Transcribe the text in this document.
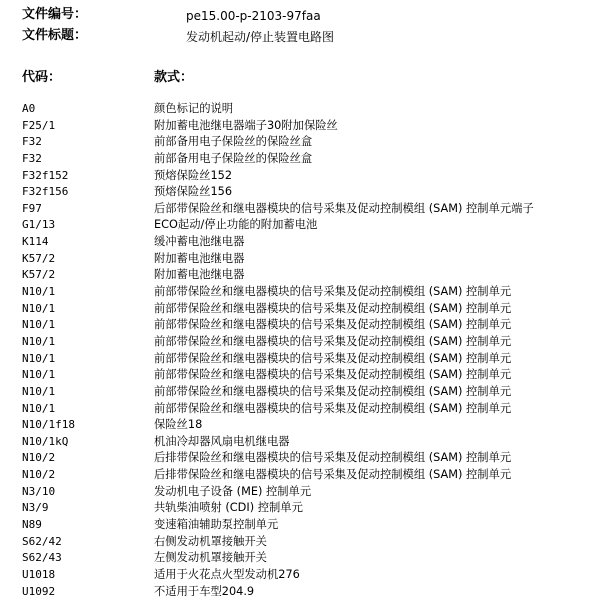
文件编号：	pe15.00-p-2103-97faa
文件标题：	发动机起动/停止装置电路图
代码：	款式：
A0	颜色标记的说明
F25/1	附加蓄电池继电器端子30附加保险丝
F32	前部备用电子保险丝的保险丝盒
F32	前部备用电子保险丝的保险丝盒
F32f152	预熔保险丝152
F32f156	预熔保险丝156
F97	后部带保险丝和继电器模块的信号采集及促动控制模组 (SAM) 控制单元端子
G1/13	ECO起动/停止功能的附加蓄电池
K114	缓冲蓄电池继电器
K57/2	附加蓄电池继电器
K57/2	附加蓄电池继电器
N10/1	前部带保险丝和继电器模块的信号采集及促动控制模组 (SAM) 控制单元
N10/1	前部带保险丝和继电器模块的信号采集及促动控制模组 (SAM) 控制单元
N10/1	前部带保险丝和继电器模块的信号采集及促动控制模组 (SAM) 控制单元
N10/1	前部带保险丝和继电器模块的信号采集及促动控制模组 (SAM) 控制单元
N10/1	前部带保险丝和继电器模块的信号采集及促动控制模组 (SAM) 控制单元
N10/1	前部带保险丝和继电器模块的信号采集及促动控制模组 (SAM) 控制单元
N10/1	前部带保险丝和继电器模块的信号采集及促动控制模组 (SAM) 控制单元
N10/1	前部带保险丝和继电器模块的信号采集及促动控制模组 (SAM) 控制单元
N10/1f18	保险丝18
N10/1kQ	机油冷却器风扇电机继电器
N10/2	后排带保险丝和继电器模块的信号采集及促动控制模组 (SAM) 控制单元
N10/2	后排带保险丝和继电器模块的信号采集及促动控制模组 (SAM) 控制单元
N3/10	发动机电子设备 (ME) 控制单元
N3/9	共轨柴油喷射 (CDI) 控制单元
N89	变速箱油辅助泵控制单元
S62/42	右侧发动机罩接触开关
S62/43	左侧发动机罩接触开关
U1018	适用于火花点火型发动机276
U1092	不适用于车型204.9
